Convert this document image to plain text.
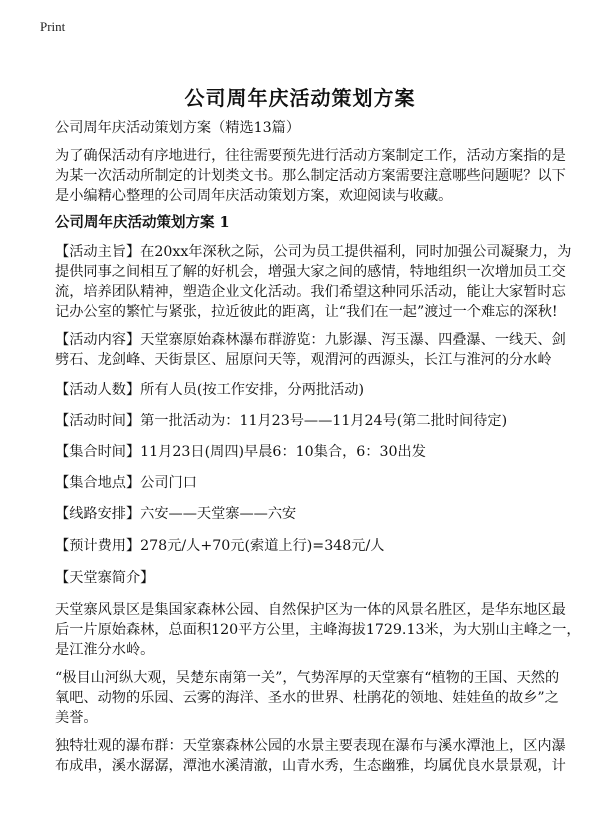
Print
公司周年庆活动策划方案
公司周年庆活动策划方案（精选13篇）
为了确保活动有序地进行，往往需要预先进行活动方案制定工作，活动方案指的是
为某一次活动所制定的计划类文书。那么制定活动方案需要注意哪些问题呢？以下
是小编精心整理的公司周年庆活动策划方案，欢迎阅读与收藏。
公司周年庆活动策划方案 1
【活动主旨】在20xx年深秋之际，公司为员工提供福利，同时加强公司凝聚力，为
提供同事之间相互了解的好机会，增强大家之间的感情，特地组织一次增加员工交
流，培养团队精神，塑造企业文化活动。我们希望这种同乐活动，能让大家暂时忘
记办公室的繁忙与紧张，拉近彼此的距离，让“我们在一起”渡过一个难忘的深秋!
【活动内容】天堂寨原始森林瀑布群游览：九影瀑、泻玉瀑、四叠瀑、一线天、剑
劈石、龙剑峰、天街景区、屈原问天等，观渭河的西源头，长江与淮河的分水岭
【活动人数】所有人员(按工作安排，分两批活动)
【活动时间】第一批活动为：11月23号——11月24号(第二批时间待定)
【集合时间】11月23日(周四)早晨6：10集合，6：30出发
【集合地点】公司门口
【线路安排】六安——天堂寨——六安
【预计费用】278元/人+70元(索道上行)=348元/人
【天堂寨简介】
天堂寨风景区是集国家森林公园、自然保护区为一体的风景名胜区，是华东地区最
后一片原始森林，总面积120平方公里，主峰海拔1729.13米，为大别山主峰之一，
是江淮分水岭。
“极目山河纵大观，吴楚东南第一关”，气势浑厚的天堂寨有“植物的王国、天然的
氧吧、动物的乐园、云雾的海洋、圣水的世界、杜鹃花的领地、娃娃鱼的故乡”之
美誉。
独特壮观的瀑布群：天堂寨森林公园的水景主要表现在瀑布与溪水潭池上，区内瀑
布成串，溪水潺潺，潭池水溪清澈，山青水秀，生态幽雅，均属优良水景景观，计
